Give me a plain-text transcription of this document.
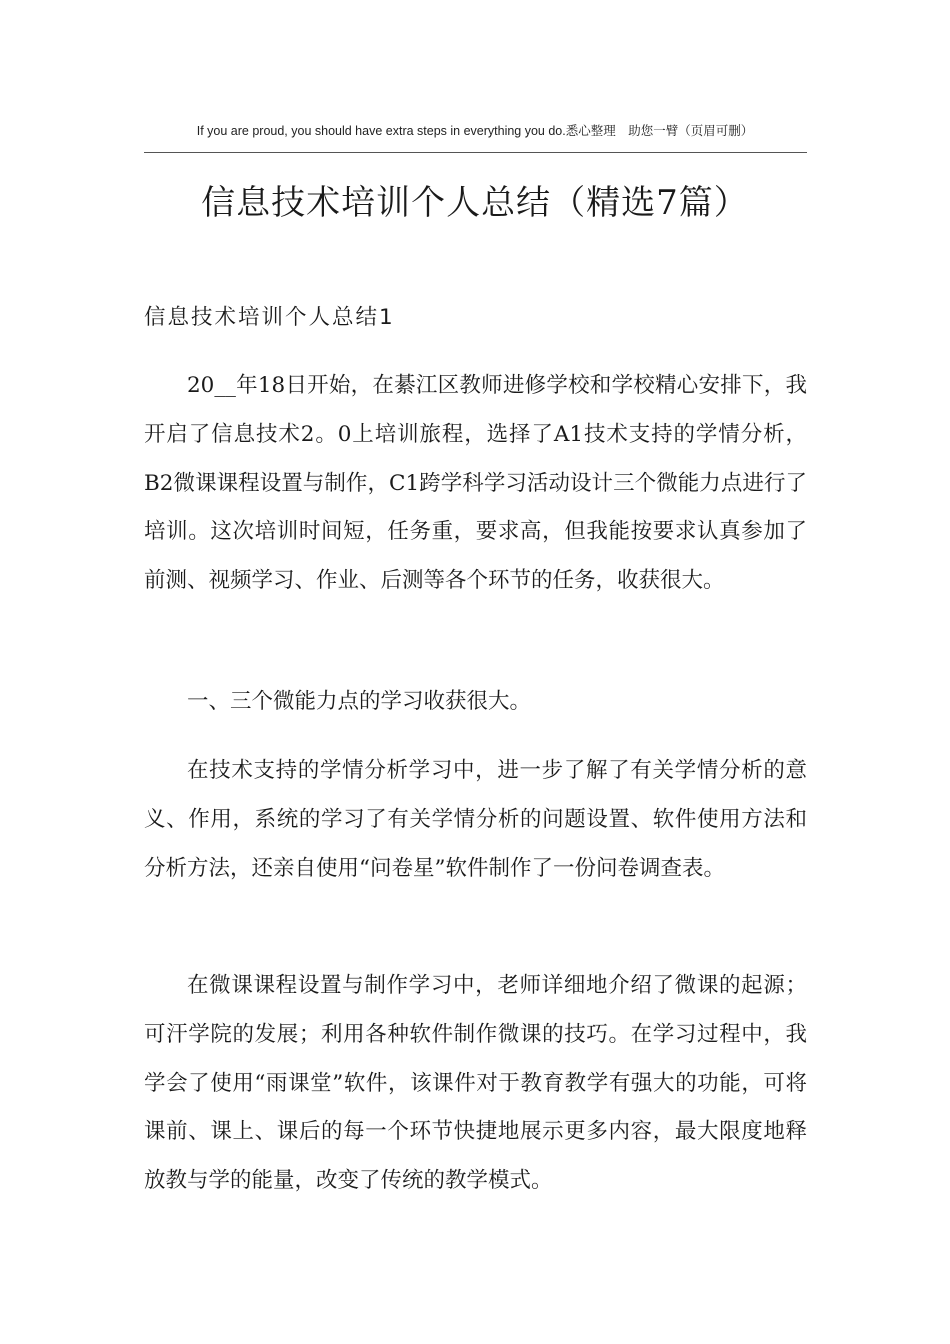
If you are proud, you should have extra steps in everything you do.悉心整理　助您一臂（页眉可删）
信息技术培训个人总结（精选7篇）
信息技术培训个人总结1

20__年18日开始，在綦江区教师进修学校和学校精心安排下，我开启了信息技术2。0上培训旅程，选择了A1技术支持的学情分析，B2微课课程设置与制作，C1跨学科学习活动设计三个微能力点进行了培训。这次培训时间短，任务重，要求高，但我能按要求认真参加了前测、视频学习、作业、后测等各个环节的任务，收获很大。

一、三个微能力点的学习收获很大。

在技术支持的学情分析学习中，进一步了解了有关学情分析的意义、作用，系统的学习了有关学情分析的问题设置、软件使用方法和分析方法，还亲自使用“问卷星”软件制作了一份问卷调查表。

在微课课程设置与制作学习中，老师详细地介绍了微课的起源；可汗学院的发展；利用各种软件制作微课的技巧。在学习过程中，我学会了使用“雨课堂”软件，该课件对于教育教学有强大的功能，可将课前、课上、课后的每一个环节快捷地展示更多内容，最大限度地释放教与学的能量，改变了传统的教学模式。
